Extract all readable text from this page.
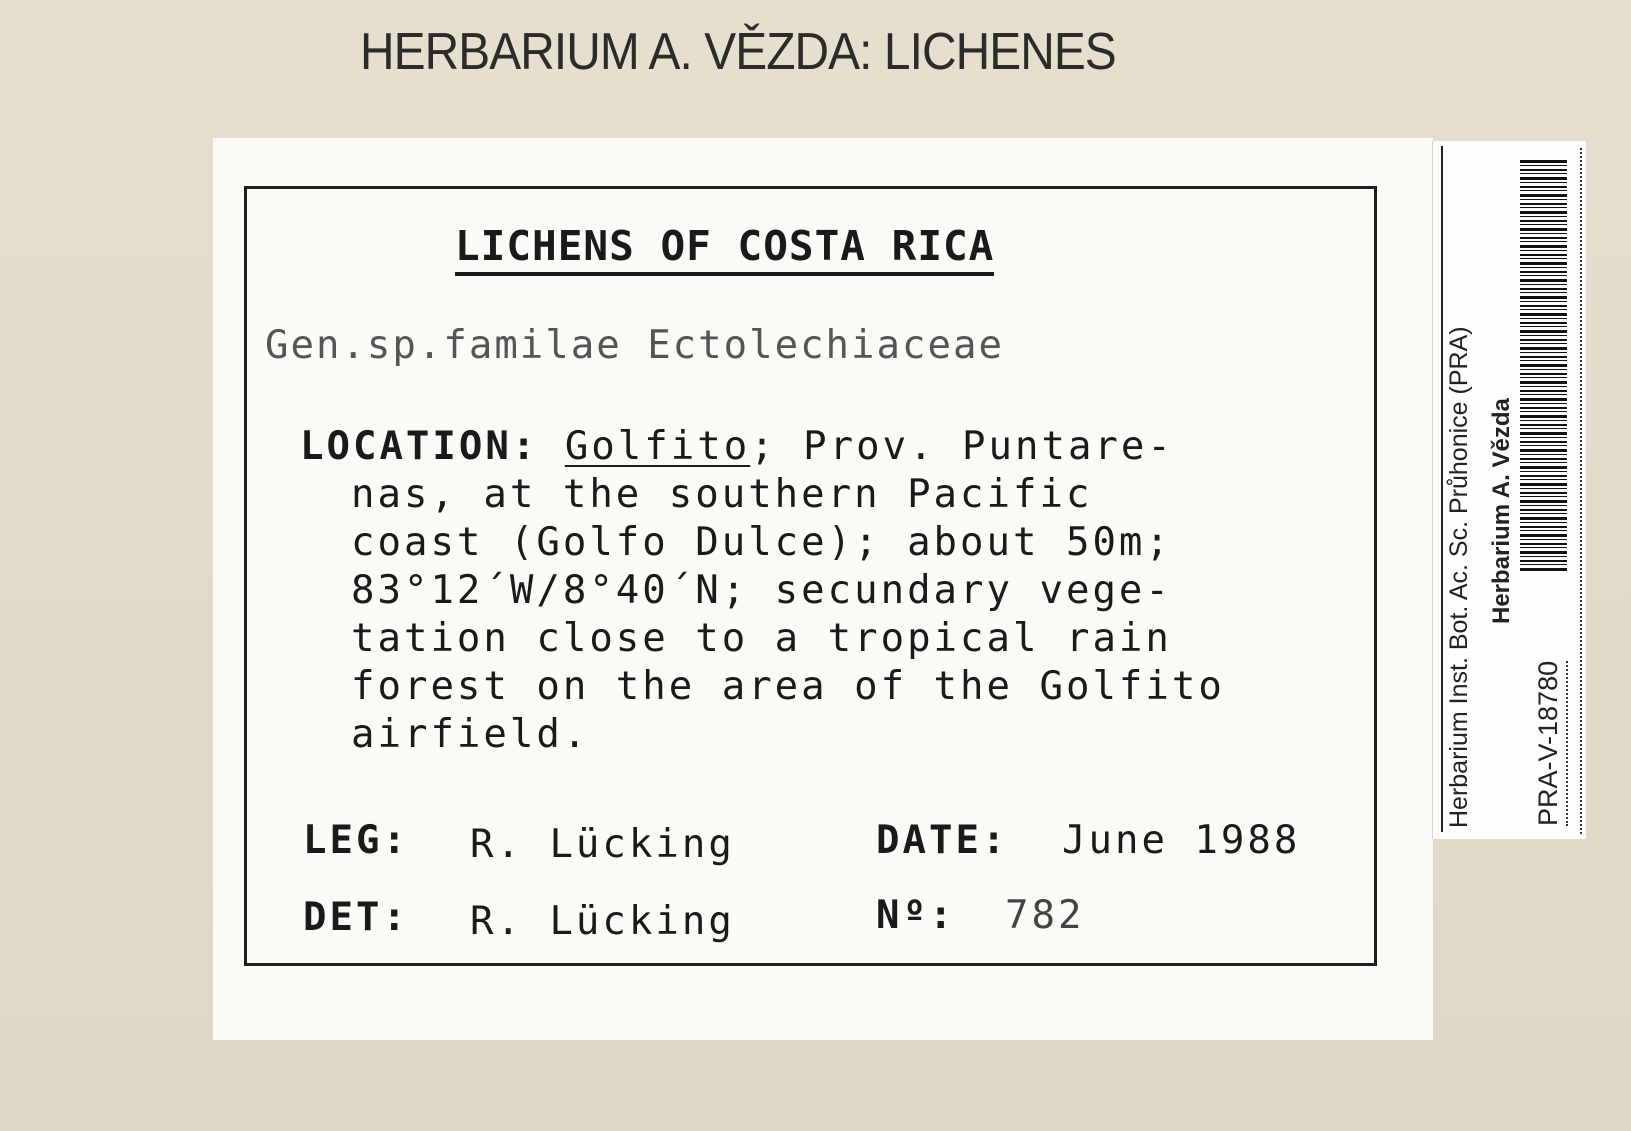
HERBARIUM A. VĚZDA: LICHENES
LICHENS OF COSTA RICA
Gen.sp.familae Ectolechiaceae
LOCATION: Golfito; Prov. Puntare-
nas, at the southern Pacific
coast (Golfo Dulce); about 50m;
83°12´W/8°40´N; secundary vege-
tation close to a tropical rain
forest on the area of the Golfito
airfield.
LEG: R. Lücking	DATE: June 1988
DET: R. Lücking	Nº: 782
Herbarium Inst. Bot. Ac. Sc. Průhonice (PRA) Herbarium A. Vězda
PRA-V-18780
